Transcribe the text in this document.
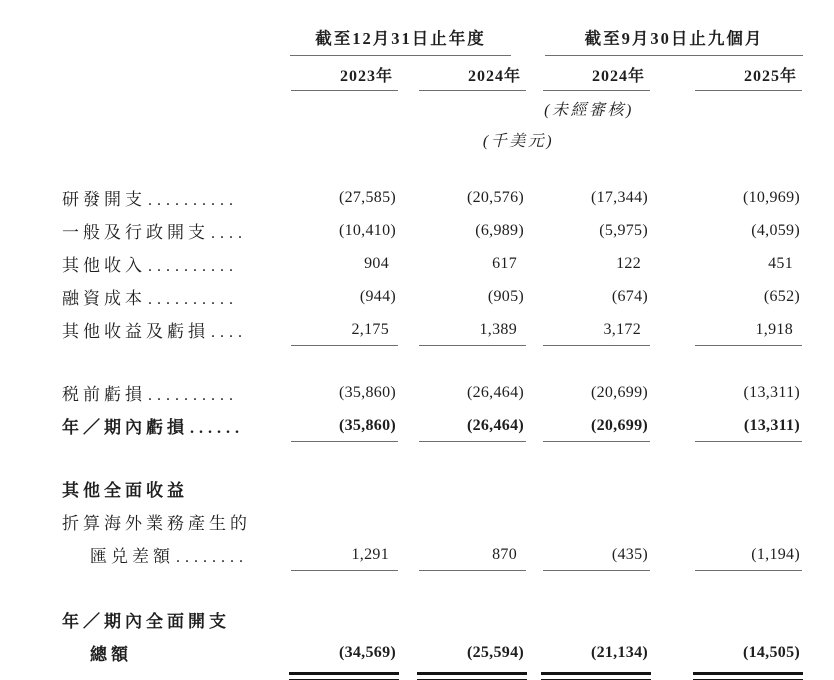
截至12月31日止年度	截至9月30日止九個月

2023年	2024年	2024年	2025年

			(未經審核)	
	(千美元)

研發開支 ..........	(27,585)	(20,576)	(17,344)	(10,969)
一般及行政開支 ....	(10,410)	(6,989)	(5,975)	(4,059)
其他收入 ..........	904	617	122	451
融資成本 ..........	(944)	(905)	(674)	(652)
其他收益及虧損 ....	2,175	1,389	3,172	1,918

税前虧損 ..........	(35,860)	(26,464)	(20,699)	(13,311)
年／期內虧損 ......	(35,860)	(26,464)	(20,699)	(13,311)

其他全面收益				
折算海外業務產生的				
匯兑差額 ........	1,291	870	(435)	(1,194)

年／期內全面開支				
總額	(34,569)	(25,594)	(21,134)	(14,505)
